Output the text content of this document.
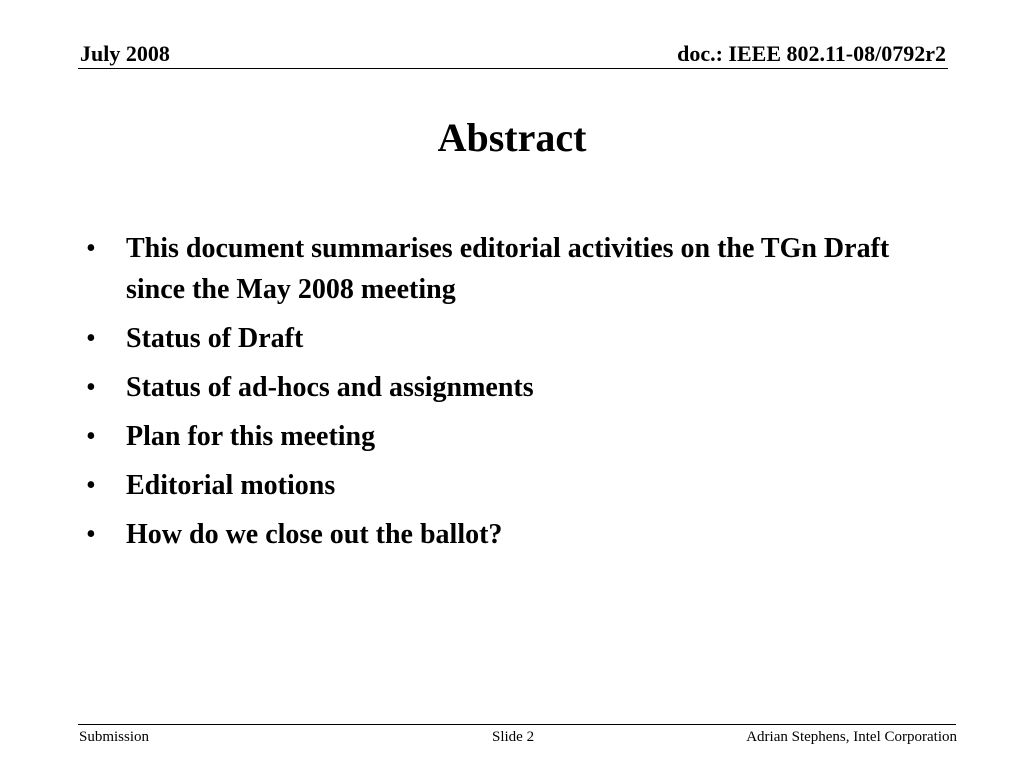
July 2008	doc.: IEEE 802.11-08/0792r2
Abstract
• This document summarises editorial activities on the TGn Draft since the May 2008 meeting
• Status of Draft
• Status of ad-hocs and assignments
• Plan for this meeting
• Editorial motions
• How do we close out the ballot?
Submission	Slide 2	Adrian Stephens, Intel Corporation
